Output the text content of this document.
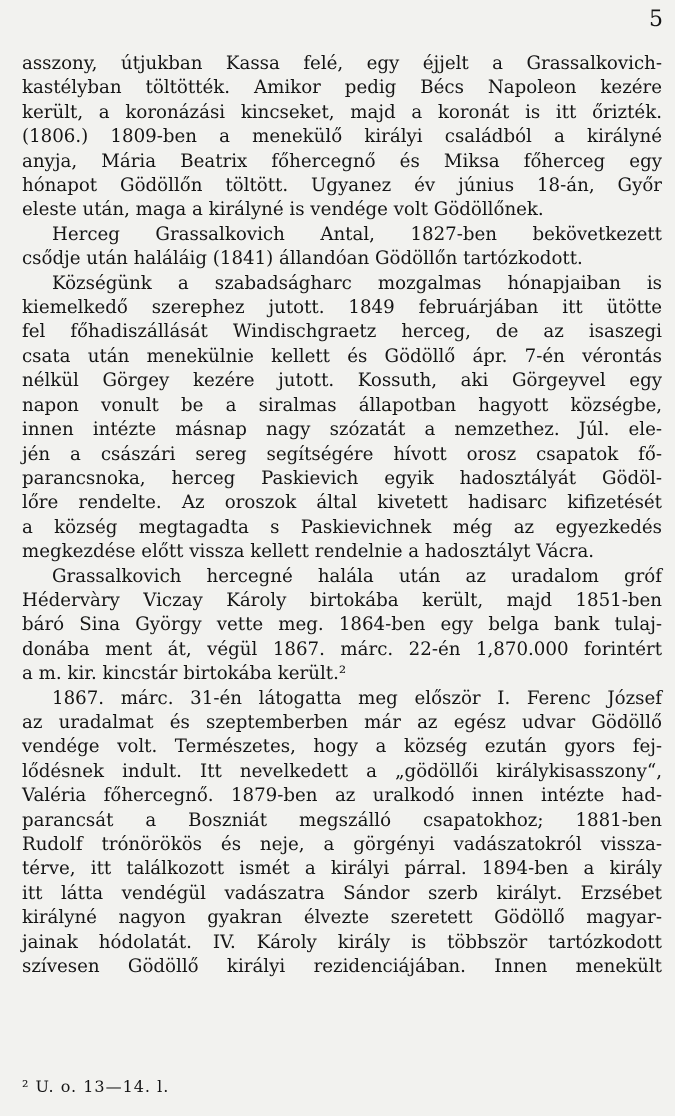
5
asszony, útjukban Kassa felé, egy éjjelt a Grassalkovich-
kastélyban töltötték. Amikor pedig Bécs Napoleon kezére
került, a koronázási kincseket, majd a koronát is itt őrizték.
(1806.) 1809-ben a menekülő királyi családból a királyné
anyja, Mária Beatrix főhercegnő és Miksa főherceg egy
hónapot Gödöllőn töltött. Ugyanez év június 18-án, Győr
eleste után, maga a királyné is vendége volt Gödöllőnek.
Herceg Grassalkovich Antal, 1827-ben bekövetkezett
csődje után haláláig (1841) állandóan Gödöllőn tartózkodott.
Községünk a szabadságharc mozgalmas hónapjaiban is
kiemelkedő szerephez jutott. 1849 februárjában itt ütötte
fel főhadiszállását Windischgraetz herceg, de az isaszegi
csata után menekülnie kellett és Gödöllő ápr. 7-én vérontás
nélkül Görgey kezére jutott. Kossuth, aki Görgeyvel egy
napon vonult be a siralmas állapotban hagyott községbe,
innen intézte másnap nagy szózatát a nemzethez. Júl. ele-
jén a császári sereg segítségére hívott orosz csapatok fő-
parancsnoka, herceg Paskievich egyik hadosztályát Gödöl-
lőre rendelte. Az oroszok által kivetett hadisarc kifizetését
a község megtagadta s Paskievichnek még az egyezkedés
megkezdése előtt vissza kellett rendelnie a hadosztályt Vácra.
Grassalkovich hercegné halála után az uradalom gróf
Hédervàry Viczay Károly birtokába került, majd 1851-ben
báró Sina György vette meg. 1864-ben egy belga bank tulaj-
donába ment át, végül 1867. márc. 22-én 1,870.000 forintért
a m. kir. kincstár birtokába került.²
1867. márc. 31-én látogatta meg először I. Ferenc József
az uradalmat és szeptemberben már az egész udvar Gödöllő
vendége volt. Természetes, hogy a község ezután gyors fej-
lődésnek indult. Itt nevelkedett a „gödöllői királykisasszony“,
Valéria főhercegnő. 1879-ben az uralkodó innen intézte had-
parancsát a Boszniát megszálló csapatokhoz; 1881-ben
Rudolf trónörökös és neje, a görgényi vadászatokról vissza-
térve, itt találkozott ismét a királyi párral. 1894-ben a király
itt látta vendégül vadászatra Sándor szerb királyt. Erzsébet
királyné nagyon gyakran élvezte szeretett Gödöllő magyar-
jainak hódolatát. IV. Károly király is többször tartózkodott
szívesen Gödöllő királyi rezidenciájában. Innen menekült
² U. o. 13—14. l.
